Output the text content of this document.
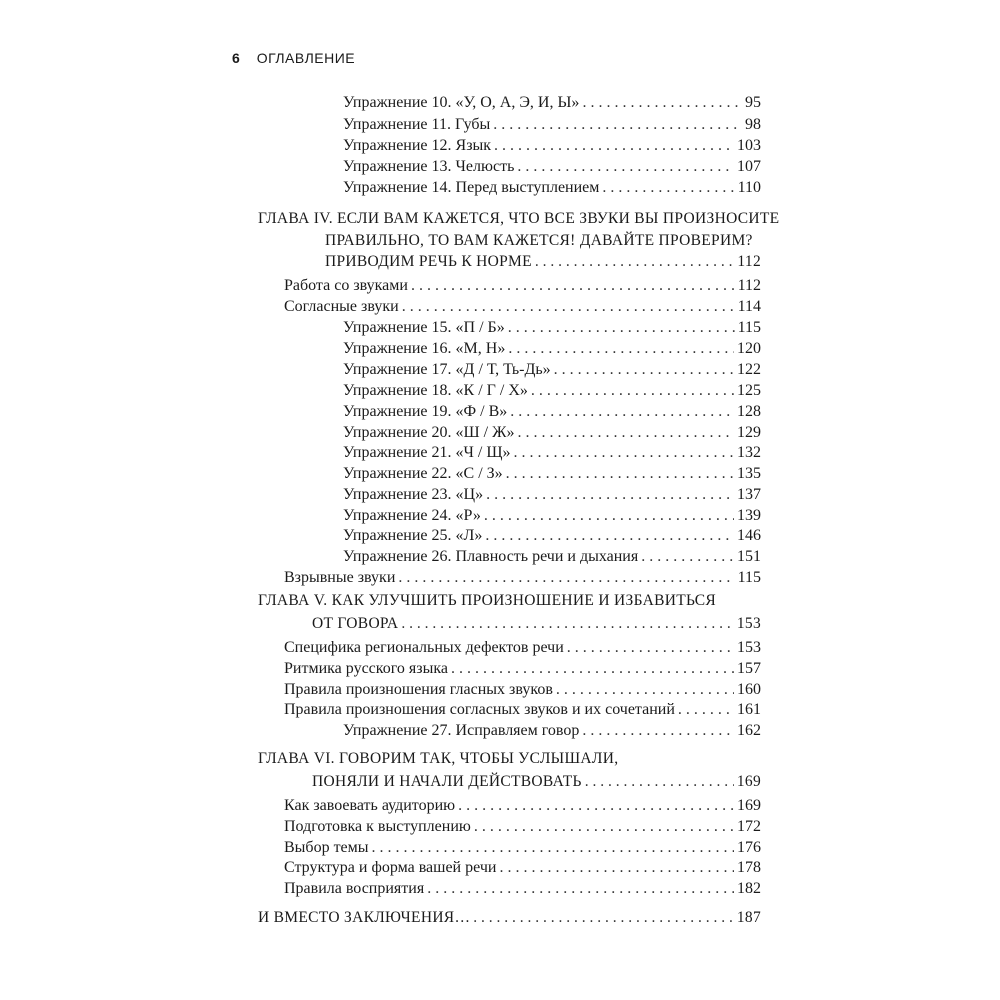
6 ОГЛАВЛЕНИЕ
Упражнение 10. «У, О, А, Э, И, Ы» . . .	95
Упражнение 11. Губы . . .	98
Упражнение 12. Язык . . .	103
Упражнение 13. Челюсть . . .	107
Упражнение 14. Перед выступлением . . .	110
ГЛАВА IV. ЕСЛИ ВАМ КАЖЕТСЯ, ЧТО ВСЕ ЗВУКИ ВЫ ПРОИЗНОСИТЕ
ПРАВИЛЬНО, ТО ВАМ КАЖЕТСЯ! ДАВАЙТЕ ПРОВЕРИМ?
ПРИВОДИМ РЕЧЬ К НОРМЕ . . .	112
Работа со звуками . . .	112
Согласные звуки . . .	114
Упражнение 15. «П / Б» . . .	115
Упражнение 16. «М, Н» . . .	120
Упражнение 17. «Д / Т, Ть-Дь» . . .	122
Упражнение 18. «К / Г / Х» . . .	125
Упражнение 19. «Ф / В» . . .	128
Упражнение 20. «Ш / Ж» . . .	129
Упражнение 21. «Ч / Щ» . . .	132
Упражнение 22. «С / З» . . .	135
Упражнение 23. «Ц» . . .	137
Упражнение 24. «Р» . . .	139
Упражнение 25. «Л» . . .	146
Упражнение 26. Плавность речи и дыхания . . .	151
Взрывные звуки . . .	115
ГЛАВА V. КАК УЛУЧШИТЬ ПРОИЗНОШЕНИЕ И ИЗБАВИТЬСЯ
ОТ ГОВОРА . . .	153
Специфика региональных дефектов речи . . .	153
Ритмика русского языка . . .	157
Правила произношения гласных звуков . . .	160
Правила произношения согласных звуков и их сочетаний . . .	161
Упражнение 27. Исправляем говор . . .	162
ГЛАВА VI. ГОВОРИМ ТАК, ЧТОБЫ УСЛЫШАЛИ,
ПОНЯЛИ И НАЧАЛИ ДЕЙСТВОВАТЬ . . .	169
Как завоевать аудиторию . . .	169
Подготовка к выступлению . . .	172
Выбор темы . . .	176
Структура и форма вашей речи . . .	178
Правила восприятия . . .	182
И ВМЕСТО ЗАКЛЮЧЕНИЯ… . . .	187
